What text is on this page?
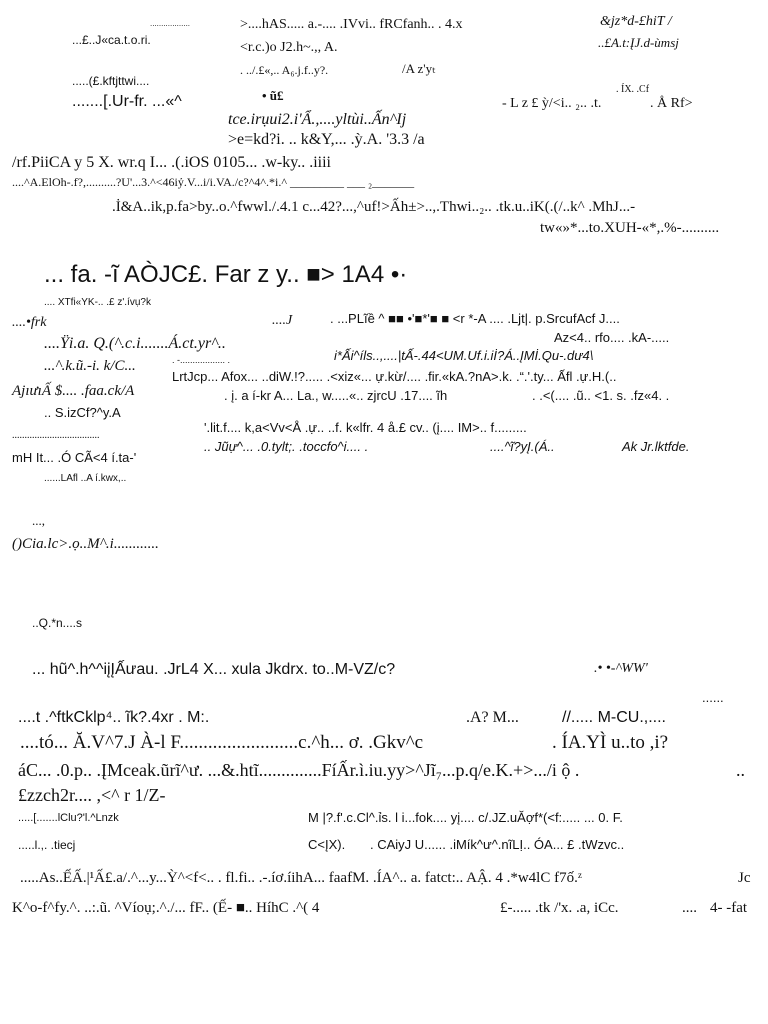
..................
...£..J«ca.t.o.ri.
>....hAS..... a.-.... .IVvi.. fRCfanh.. . 4.x	&jz*d-£hiT /
<r.c.)o J2.h~.,, A.	..£A.t:ĮJ.d-ùmsj
. ../.£«,.. A₆.j.f..y?.	/A z'yₜ
.....(£.kftjttwi....
.......[.Ur-fr. ...«^	• ũ£
- L z £ ỳ/<i.. ₂.. .t.	. Å Rf>
. ÍX. .Cf
tce.irụui2.i'Ẩ.,....yltùi..Ấn^Ij
>e=kd?i. .. k&Y,... .ỳ.A. '3.3 /a
/rf.PiiCA y 5 X. wr.q I... .(.iOS 0105... .w-ky.. .iiii
....^A.ElOh-.f?,..........?U'...3.^<46iỷ.V...i/i.VA./c?^4^.*i.^ _________ ___ ₂_______
.İ&A..ik,p.fa>by..o.^fwwl./.4.1 c...42?...,^uf!>Ấh±>..,.Thwi..₂.. .tk.u..iK(.(/..k^ .MhJ...-
tw«»*...to.XUH-«*,.%-..........
... fa. -ĩ AÒJC£. Far z y.. ■> 1A4 •·
.... XTfi«YK-.. .£ z'.ívụ?k
....•frk	....J	. ...PLĩề ^ ■■ •'■*'■ ■ <r *-A .... .Ljt|. p.SrcufAcf J....
Az<4.. rfo.... .kA-.....
....Ÿi.a. Q.(^.c.i.......Á.ct.yr^..
i*Ấi^íls..,....|tẤ-.44<UM.Uf.i.iİ?Á..ĮMİ.Qu-.dư4\
...^.k.ũ.-i. k/C...	. -.................. .
LrtJcp... Afox... ..diW.!?..... .<xiz«... ự.kừ/.... .fir.«kA.?nA>.k. .“.'.ty... Ấfl .ự.H.(..
AjıưıẤ $.... .faa.ck/A	. į. a í-kr A... La., w.....«.. zjrcU .17.... ĩh	. .<(.... .ũ.. <1. s. .fz«4. .
.. S.izCf?^y.A
'.lit.f.... k,a<Vv<Å .ự.. ..f. k«lfr. 4 å.£ cv.. (į.... IM>.. f.........
...................................
.. Jũự^... .0.tylt;. .toccfo^i.... .	....^ĩ?yĮ.(Á..	Ak Jr.lktfde.
mH It... .Ó CÃ<4 í.ta-'
......LAfl ..A í.kwx,..
...,
()Cia.lc>.ọ..M^.i............
..Q.*n....s
... hũ^.h^^iįĮẤưau. .JrL4 X... xula Jkdrx. to..M-VZ/c?	.• •-^WW'
......
....t .^ftkCklp⁴.. ĩk?.4xr . M:.	.A? M...	//..... M-CU.,....
....tó... Ă.V^7.J À-l F.........................c.^h... ơ. .Gkv^c	. ÍA.YÌ u..to ,i?
áC... .0.p.. .ĮMceak.ũrĩ^ư. ...&.htĩ..............FíẤr.ì.iu.yy>^Jĩ₇...p.q/e.K.+>.../i ộ .	..
£zzch2r.... ,<^ r 1/Z-
.....[.......lClu?'l.^Lnzk	M |?.f'.c.Cl^.ỉs. l i...fok.... yį.... c/.JZ.uĂợf*(<f:..... ... 0. F.
.....l.,. .tiecj	C<ĮX). . CAiyJ U...... .iMík^ư^.nĩLỊ.. ÓA... £ .tWzvc..
.....As..ẾẤ.|¹Ấ£.a/.^...y...Ỳ^<f<.. . fl.fi.. .-.íơ.íihA... faafM. .ÍA^.. a. fatct:.. AẬ. 4 .*w4lC f7ố.ᶻ	Jc
K^o-f^fy.^. ..:.ũ. ^Víoụ;.^./... fF.. (Ế- ■.. HíhC .^( 4	£-..... .tk /'x. .a, iCc.	.... 4- -fat
